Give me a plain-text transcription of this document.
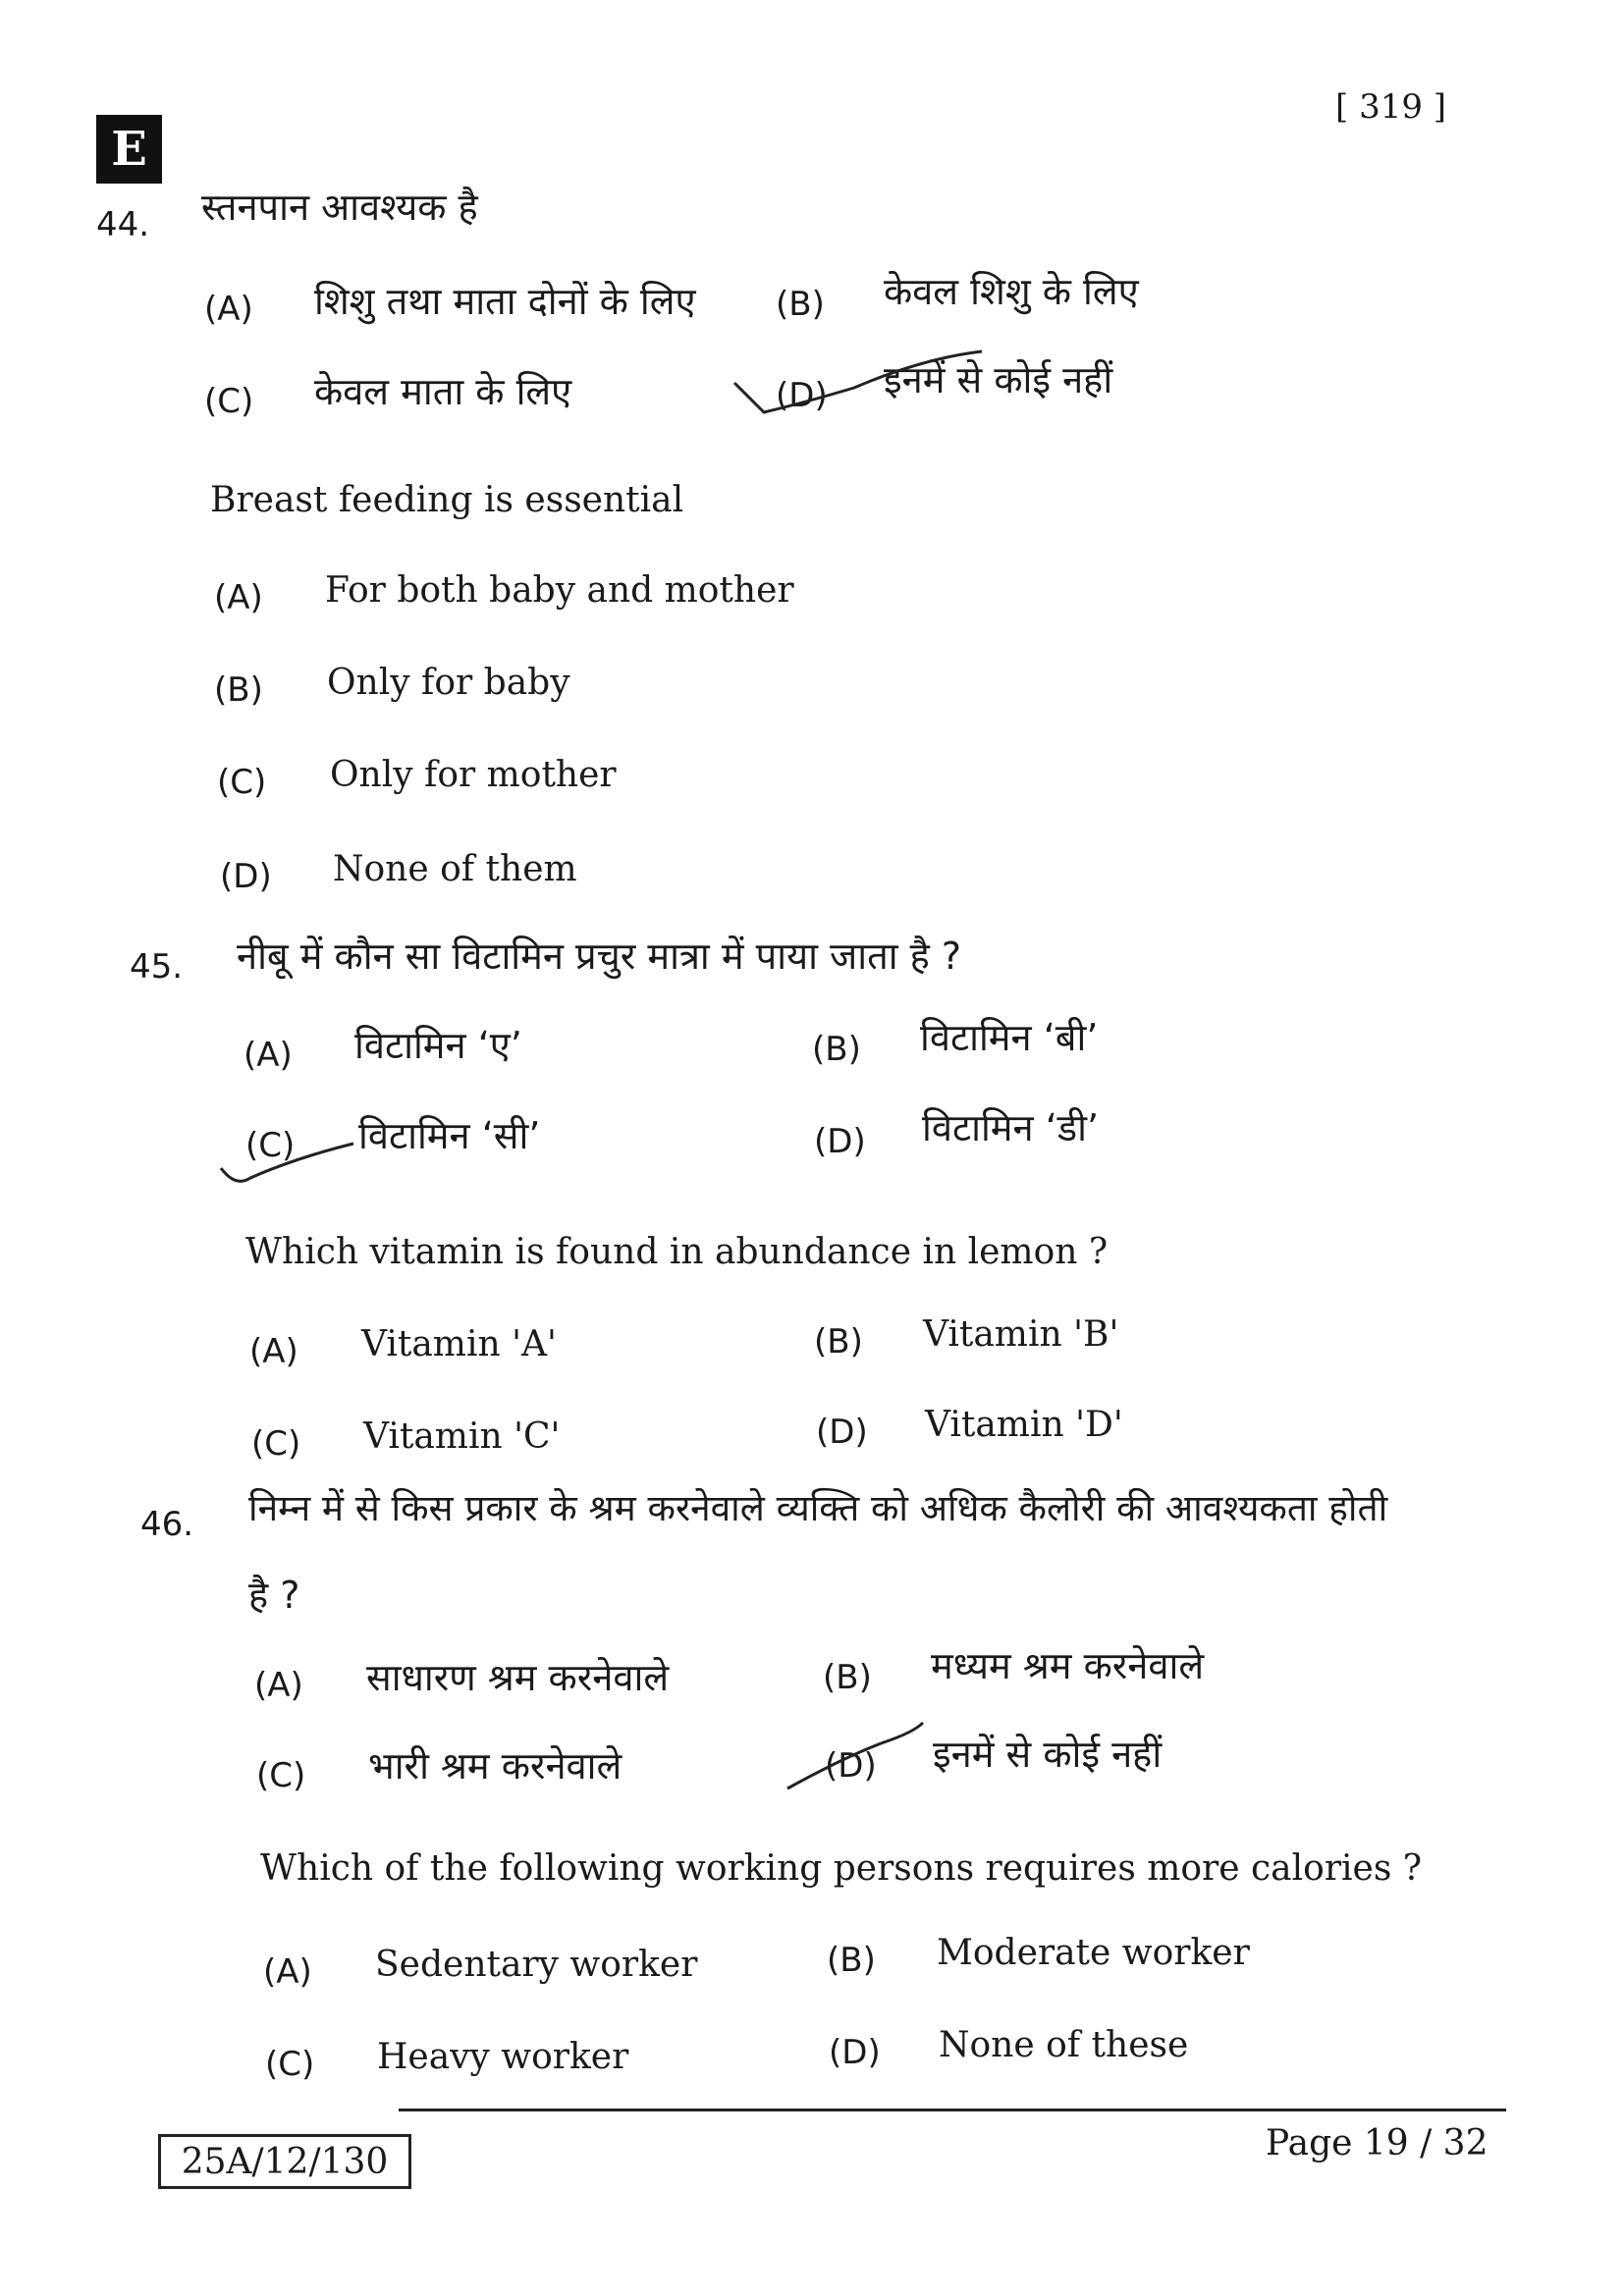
[ 319 ]
E
44. स्तनपान आवश्यक है
(A) शिशु तथा माता दोनों के लिए (B) केवल शिशु के लिए
(C) केवल माता के लिए	(D) इनमें से कोई नहीं
Breast feeding is essential
(A) For both baby and mother
(B) Only for baby
(C) Only for mother
(D) None of them
45. नीबू में कौन सा विटामिन प्रचुर मात्रा में पाया जाता है ?
(A) विटामिन ‘ए’	(B) विटामिन ‘बी’
(C) विटामिन ‘सी’	(D) विटामिन ‘डी’
Which vitamin is found in abundance in lemon ?
(A) Vitamin 'A'	(B) Vitamin 'B'
(C) Vitamin 'C'	(D) Vitamin 'D'
46. निम्न में से किस प्रकार के श्रम करनेवाले व्यक्ति को अधिक कैलोरी की आवश्यकता होती
है ?
(A) साधारण श्रम करनेवाले	(B) मध्यम श्रम करनेवाले
(C) भारी श्रम करनेवाले	(D) इनमें से कोई नहीं
Which of the following working persons requires more calories ?
(A) Sedentary worker	(B) Moderate worker
(C) Heavy worker	(D) None of these
25A/12/130	Page 19 / 32
